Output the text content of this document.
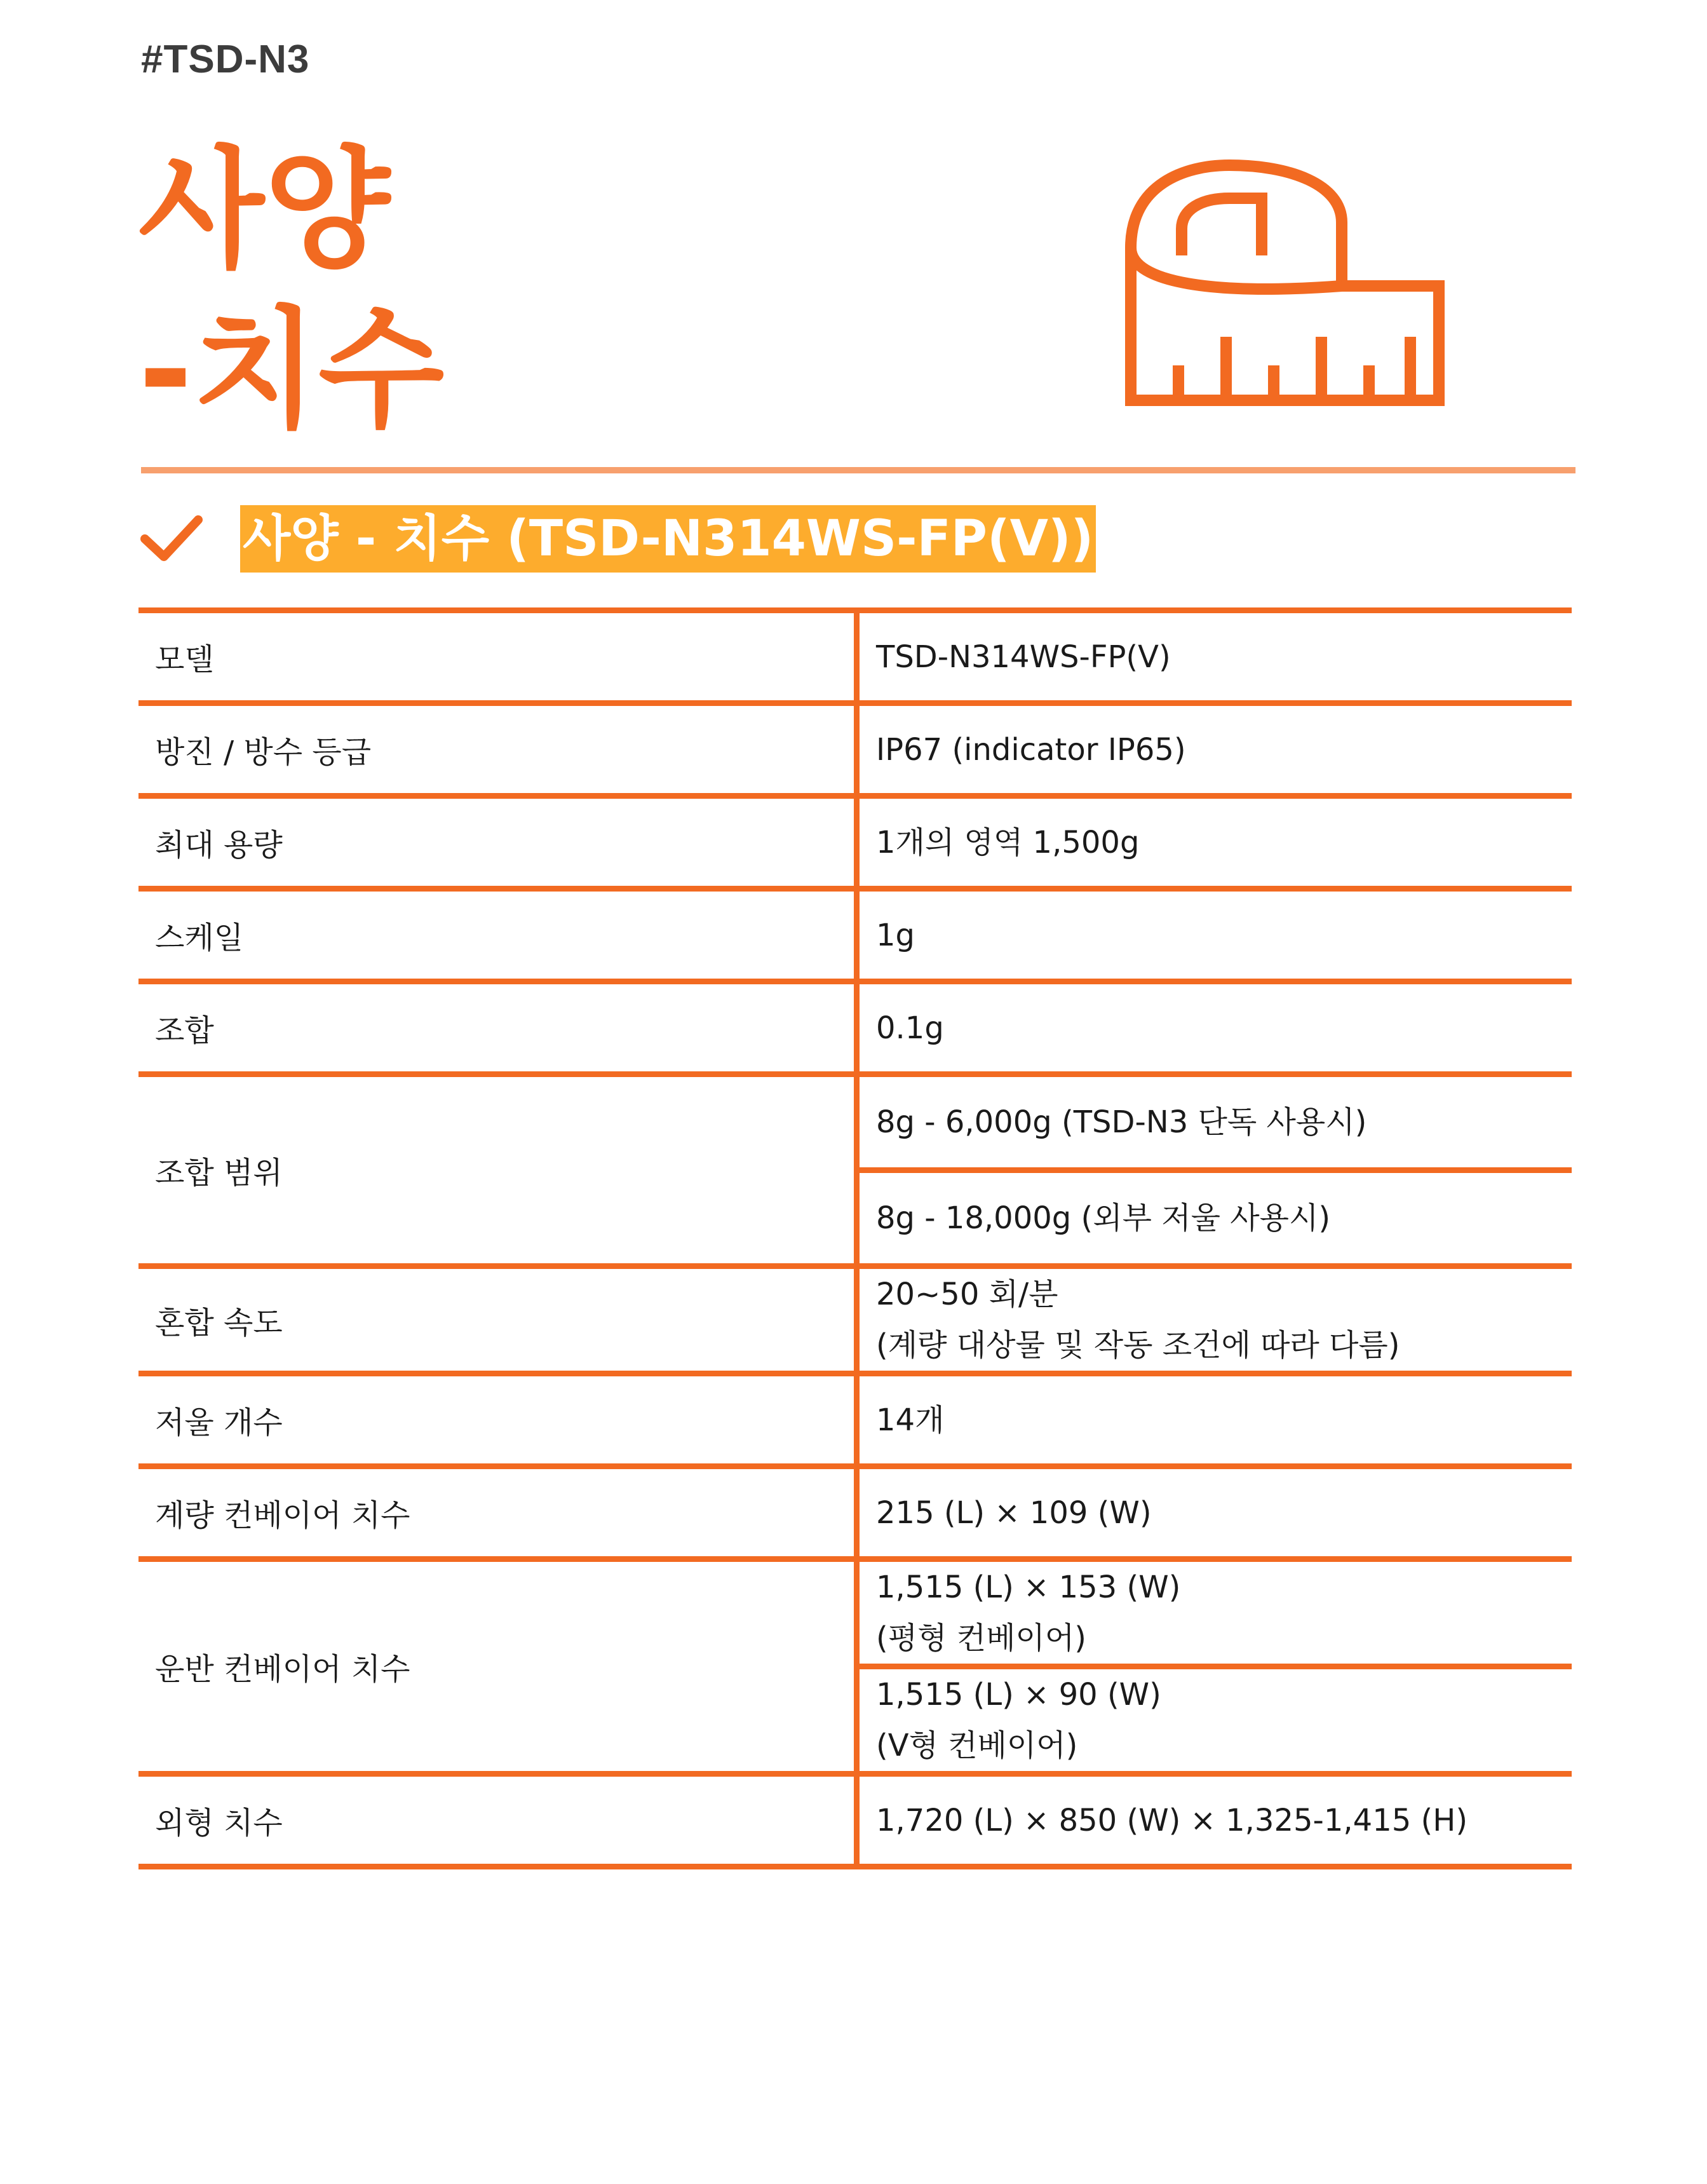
#TSD-N3
사양
-치수
사양 - 치수 (TSD-N314WS-FP(V))
모델	TSD-N314WS-FP(V)
방진 / 방수 등급	IP67 (indicator IP65)
최대 용량	1개의 영역 1,500g
스케일	1g
조합	0.1g
조합 범위	8g - 6,000g (TSD-N3 단독 사용시)
	8g - 18,000g (외부 저울 사용시)
혼합 속도	20~50 회/분
(계량 대상물 및 작동 조건에 따라 다름)
저울 개수	14개
계량 컨베이어 치수	215 (L) × 109 (W)
운반 컨베이어 치수	1,515 (L) × 153 (W)
(평형 컨베이어)
	1,515 (L) × 90 (W)
(V형 컨베이어)
외형 치수	1,720 (L) × 850 (W) × 1,325-1,415 (H)
